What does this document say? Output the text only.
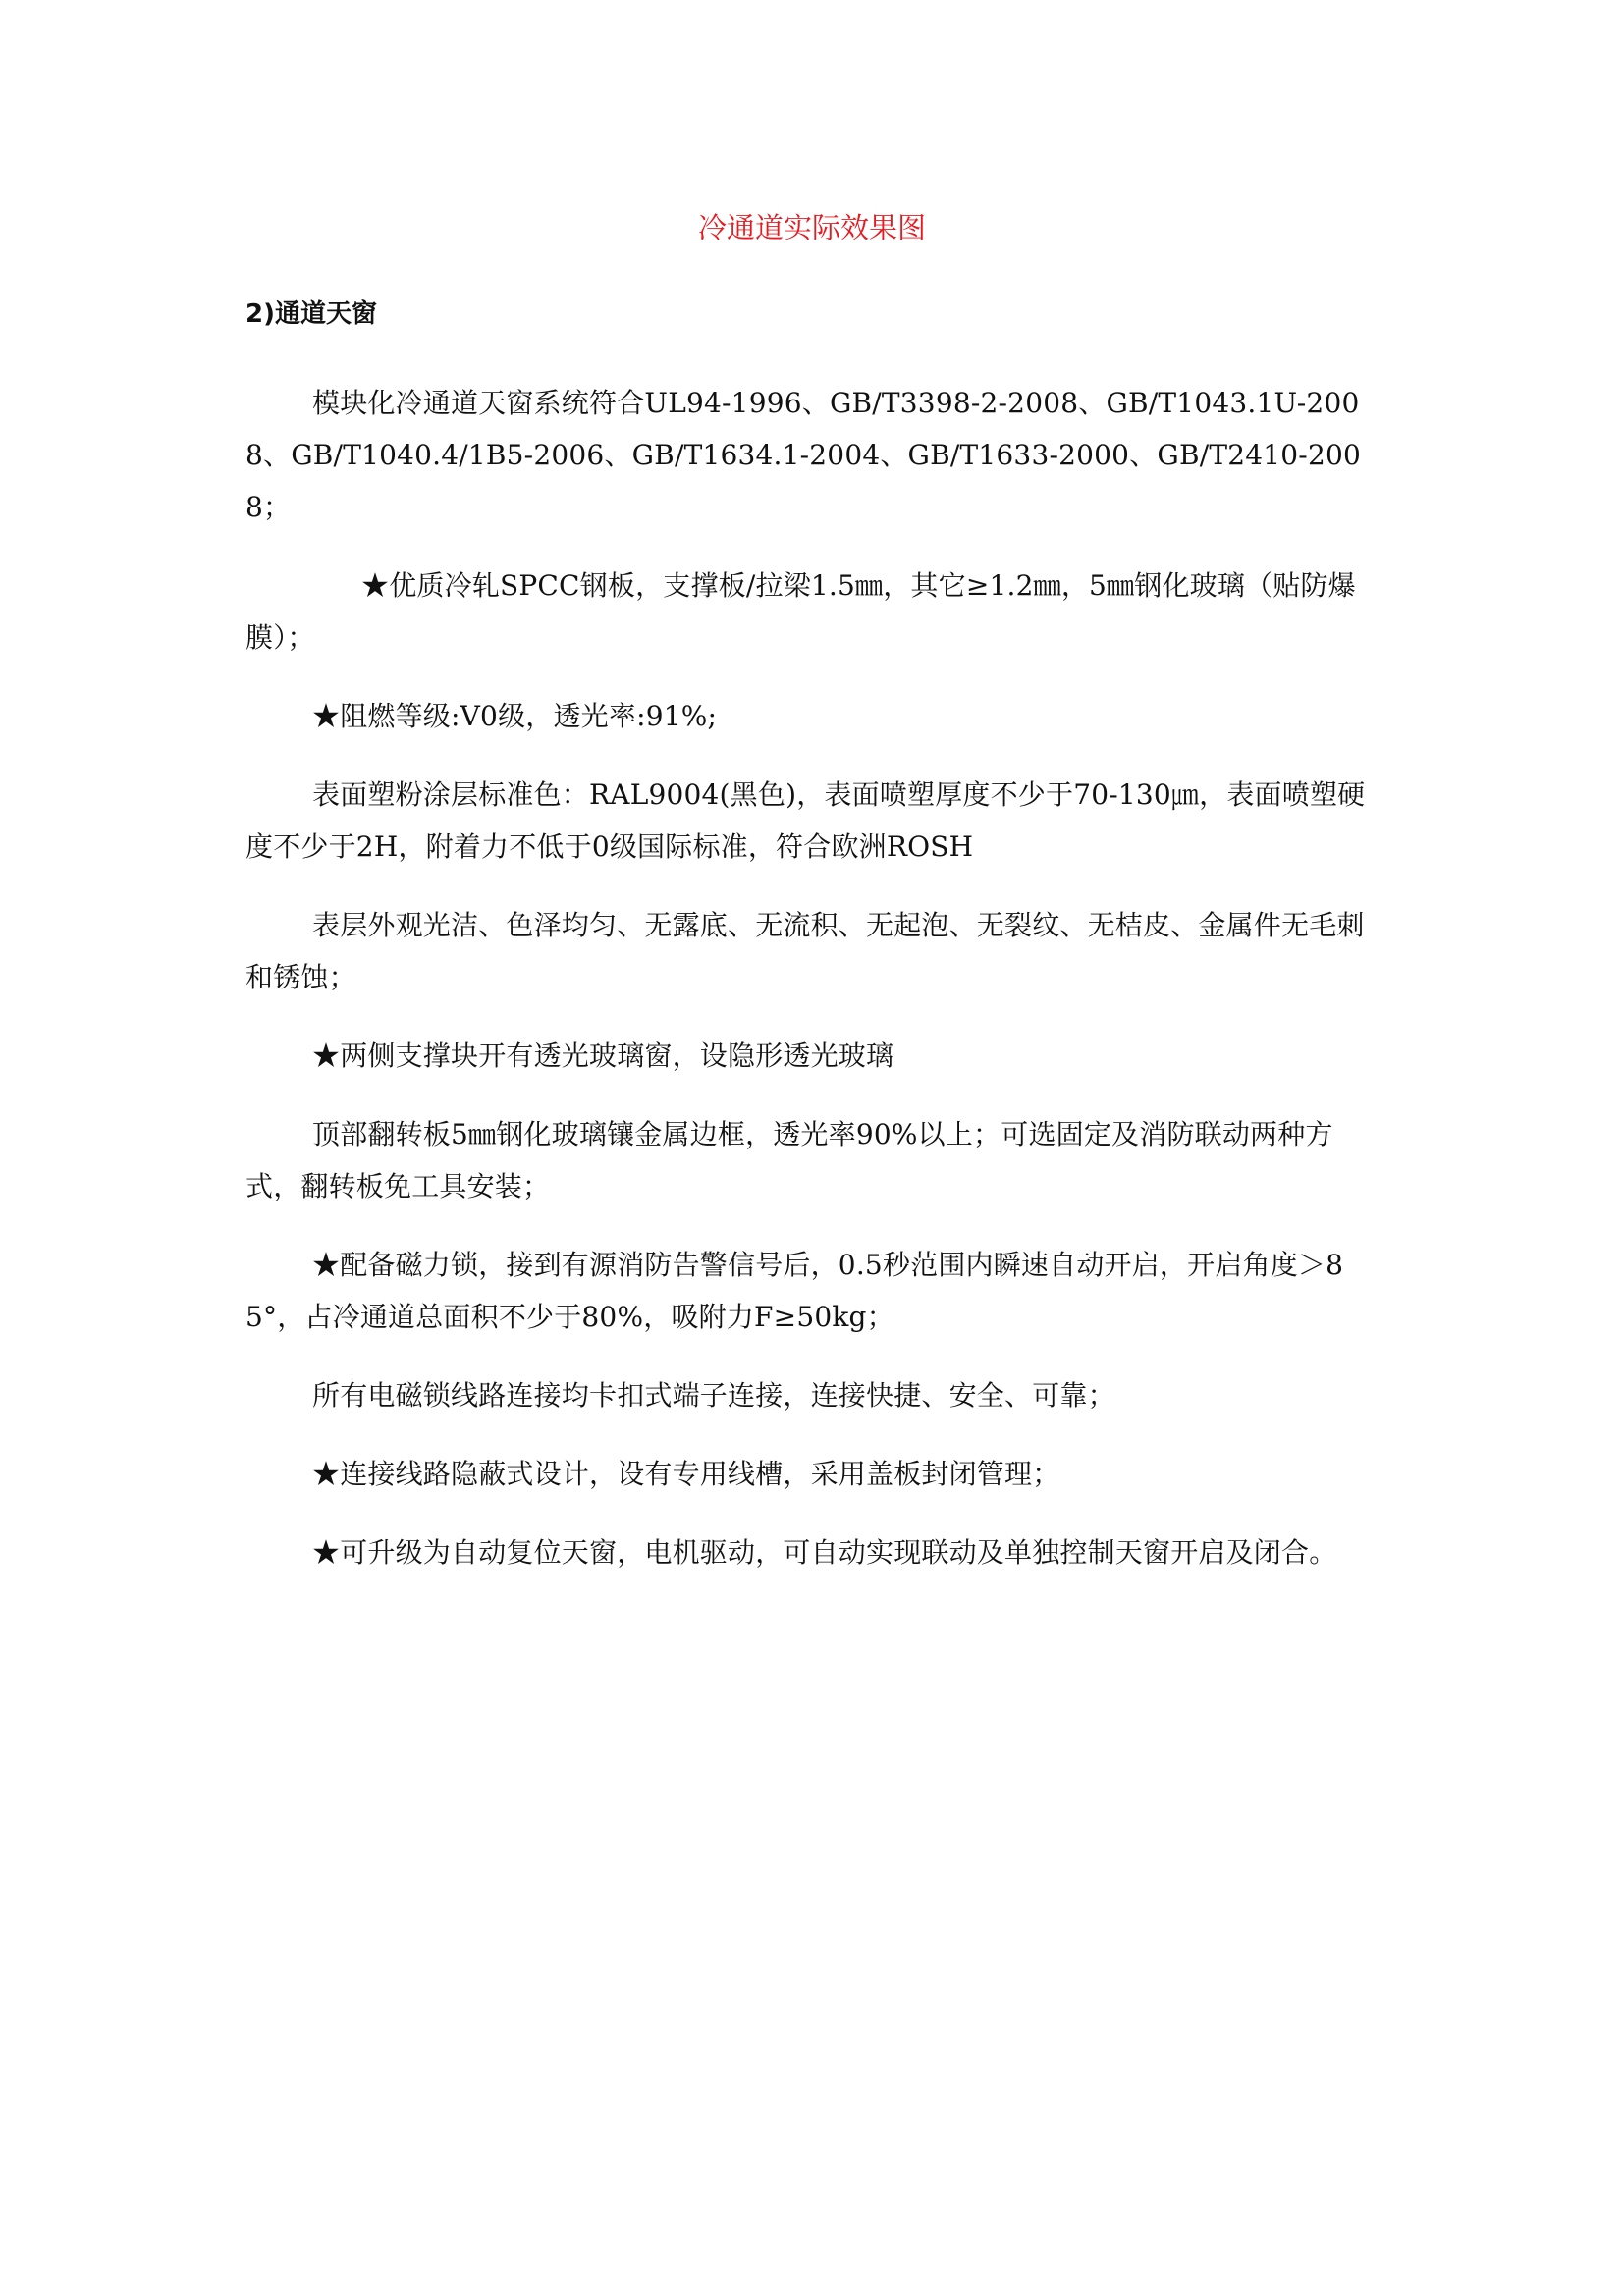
冷通道实际效果图
2)通道天窗

模块化冷通道天窗系统符合UL94-1996、GB/T3398-2-2008、GB/T1043.1U-2008、GB/T1040.4/1B5-2006、GB/T1634.1-2004、GB/T1633-2000、GB/T2410-2008；

★优质冷轧SPCC钢板，支撑板/拉梁1.5㎜，其它≥1.2㎜，5㎜钢化玻璃（贴防爆膜）；

★阻燃等级:V0级，透光率:91%;

表面塑粉涂层标准色：RAL9004(黑色)，表面喷塑厚度不少于70-130㎛，表面喷塑硬度不少于2H，附着力不低于0级国际标准，符合欧洲ROSH

表层外观光洁、色泽均匀、无露底、无流积、无起泡、无裂纹、无桔皮、金属件无毛刺和锈蚀；

★两侧支撑块开有透光玻璃窗，设隐形透光玻璃

顶部翻转板5㎜钢化玻璃镶金属边框，透光率90%以上；可选固定及消防联动两种方式，翻转板免工具安装；

★配备磁力锁，接到有源消防告警信号后，0.5秒范围内瞬速自动开启，开启角度＞85°，占冷通道总面积不少于80%，吸附力F≥50kg；

所有电磁锁线路连接均卡扣式端子连接，连接快捷、安全、可靠；

★连接线路隐蔽式设计，设有专用线槽，采用盖板封闭管理；

★可升级为自动复位天窗，电机驱动，可自动实现联动及单独控制天窗开启及闭合。
